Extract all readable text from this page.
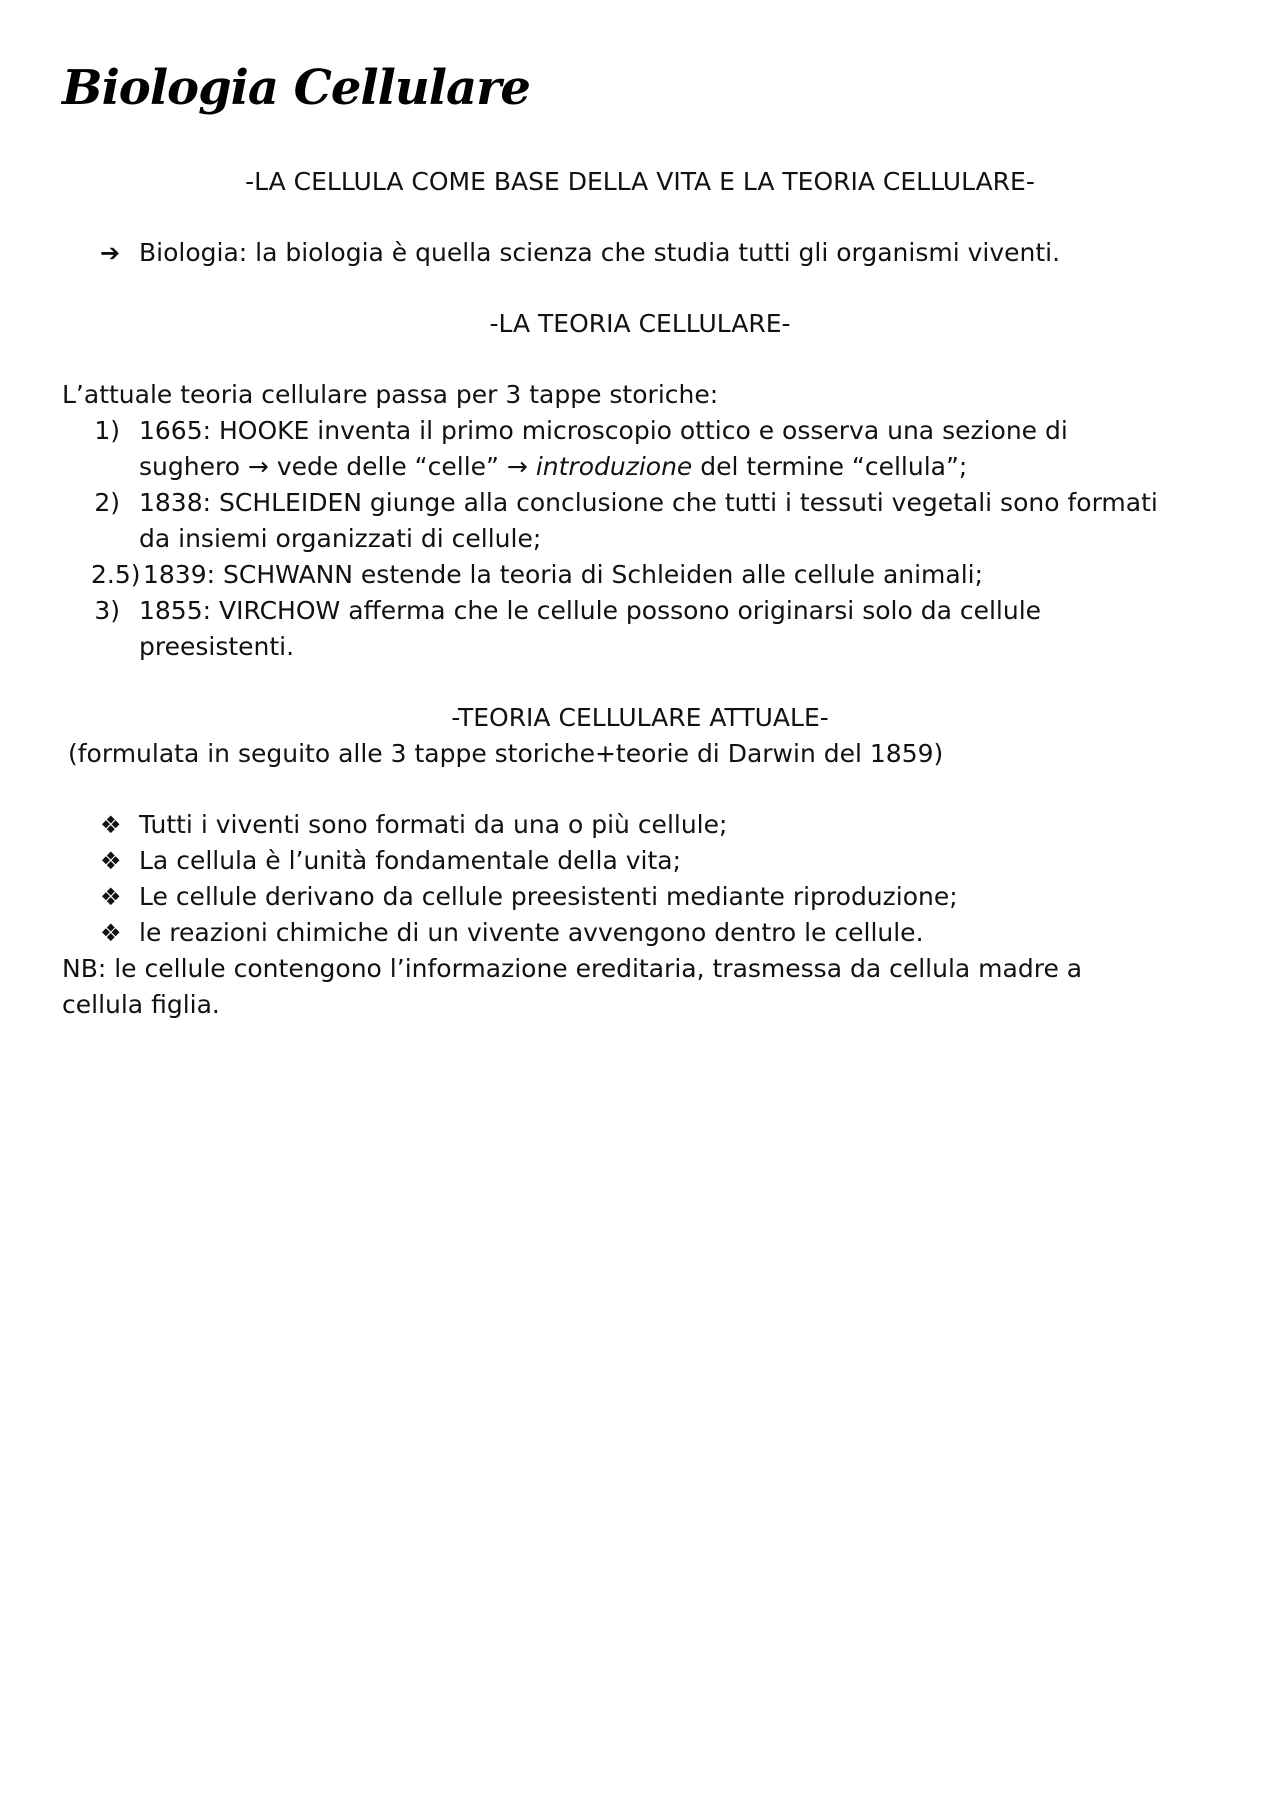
Biologia Cellulare
-LA CELLULA COME BASE DELLA VITA E LA TEORIA CELLULARE-
➔ Biologia: la biologia è quella scienza che studia tutti gli organismi viventi.
-LA TEORIA CELLULARE-
L’attuale teoria cellulare passa per 3 tappe storiche:
1) 1665: HOOKE inventa il primo microscopio ottico e osserva una sezione di
sughero → vede delle “celle” → introduzione del termine “cellula”;
2) 1838: SCHLEIDEN giunge alla conclusione che tutti i tessuti vegetali sono formati
da insiemi organizzati di cellule;
2.5) 1839: SCHWANN estende la teoria di Schleiden alle cellule animali;
3) 1855: VIRCHOW afferma che le cellule possono originarsi solo da cellule
preesistenti.
-TEORIA CELLULARE ATTUALE-
(formulata in seguito alle 3 tappe storiche+teorie di Darwin del 1859)
❖ Tutti i viventi sono formati da una o più cellule;
❖ La cellula è l’unità fondamentale della vita;
❖ Le cellule derivano da cellule preesistenti mediante riproduzione;
❖ le reazioni chimiche di un vivente avvengono dentro le cellule.
NB: le cellule contengono l’informazione ereditaria, trasmessa da cellula madre a
cellula figlia.
